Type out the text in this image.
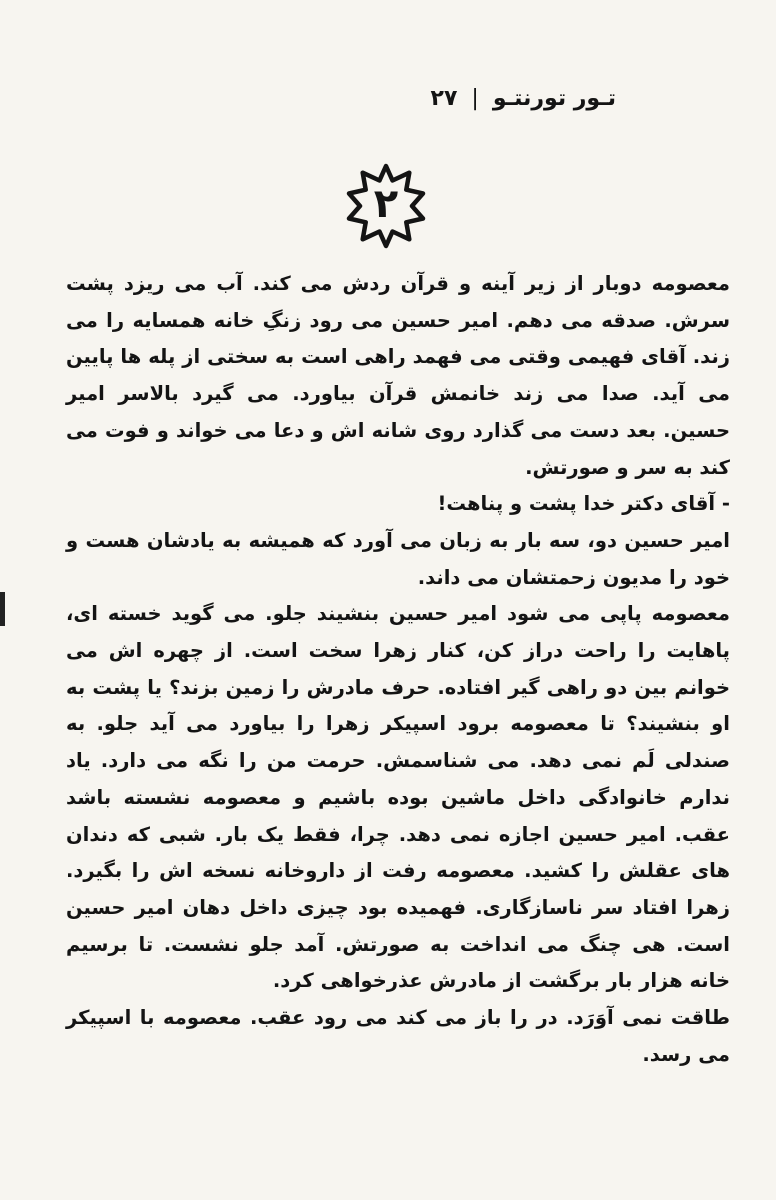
تـور تورنتـو
|
۲۷
۲

معصومه دوبار از زیر آینه و قرآن ردش می کند. آب می ریزد پشت سرش. صدقه می دهم. امیر حسین می رود زنگِ خانه همسایه را می زند. آقای فهیمی وقتی می فهمد راهی است به سختی از پله ها پایین می آید. صدا می زند خانمش قرآن بیاورد. می گیرد بالاسر امیر حسین. بعد دست می گذارد روی شانه اش و دعا می خواند و فوت می کند به سر و صورتش.

- آقای دکتر خدا پشت و پناهت!

امیر حسین دو، سه بار به زبان می آورد که همیشه به یادشان هست و خود را مدیون زحمتشان می داند.

معصومه پاپی می شود امیر حسین بنشیند جلو. می گوید خسته ای، پاهایت را راحت دراز کن، کنار زهرا سخت است. از چهره اش می خوانم بین دو راهی گیر افتاده. حرف مادرش را زمین بزند؟ یا پشت به او بنشیند؟ تا معصومه برود اسپیکر زهرا را بیاورد می آید جلو. به صندلی لَم نمی دهد. می شناسمش. حرمت من را نگه می دارد. یاد ندارم خانوادگی داخل ماشین بوده باشیم و معصومه نشسته باشد عقب. امیر حسین اجازه نمی دهد. چرا، فقط یک بار. شبی که دندان های عقلش را کشید. معصومه رفت از داروخانه نسخه اش را بگیرد. زهرا افتاد سر ناسازگاری. فهمیده بود چیزی داخل دهان امیر حسین است. هی چنگ می انداخت به صورتش. آمد جلو نشست. تا برسیم خانه هزار بار برگشت از مادرش عذرخواهی کرد.

طاقت نمی آوَرَد. در را باز می کند می رود عقب. معصومه با اسپیکر می رسد.
